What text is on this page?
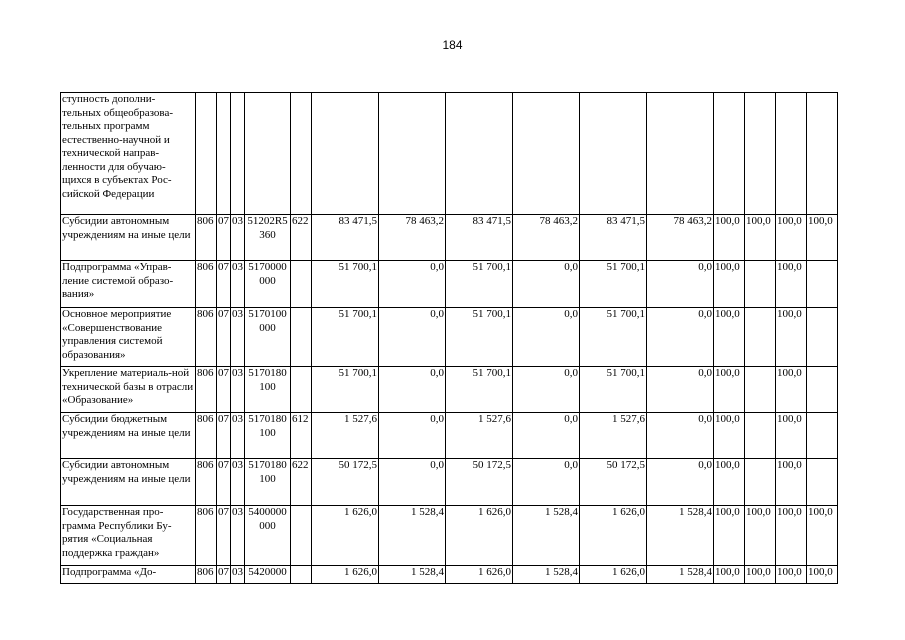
184
ступность дополни-тельных общеобразова-тельных программ естественно-научной и технической направ-ленности для обучаю-щихся в субъектах Рос-сийской Федерации															
Субсидии автономным учреждениям на иные цели	806	07	03	51202R5360	622	83 471,5	78 463,2	83 471,5	78 463,2	83 471,5	78 463,2	100,0	100,0	100,0	100,0
Подпрограмма «Управ-ление системой образо-вания»	806	07	03	5170000000		51 700,1	0,0	51 700,1	0,0	51 700,1	0,0	100,0		100,0	
Основное мероприятие «Совершенствование управления системой образования»	806	07	03	5170100000		51 700,1	0,0	51 700,1	0,0	51 700,1	0,0	100,0		100,0	
Укрепление материаль-ной технической базы в отрасли «Образование»	806	07	03	5170180100		51 700,1	0,0	51 700,1	0,0	51 700,1	0,0	100,0		100,0	
Субсидии бюджетным учреждениям на иные цели	806	07	03	5170180100	612	1 527,6	0,0	1 527,6	0,0	1 527,6	0,0	100,0		100,0	
Субсидии автономным учреждениям на иные цели	806	07	03	5170180100	622	50 172,5	0,0	50 172,5	0,0	50 172,5	0,0	100,0		100,0	
Государственная про-грамма Республики Бу-рятия «Социальная поддержка граждан»	806	07	03	5400000000		1 626,0	1 528,4	1 626,0	1 528,4	1 626,0	1 528,4	100,0	100,0	100,0	100,0
Подпрограмма «До-	806	07	03	5420000		1 626,0	1 528,4	1 626,0	1 528,4	1 626,0	1 528,4	100,0	100,0	100,0	100,0
